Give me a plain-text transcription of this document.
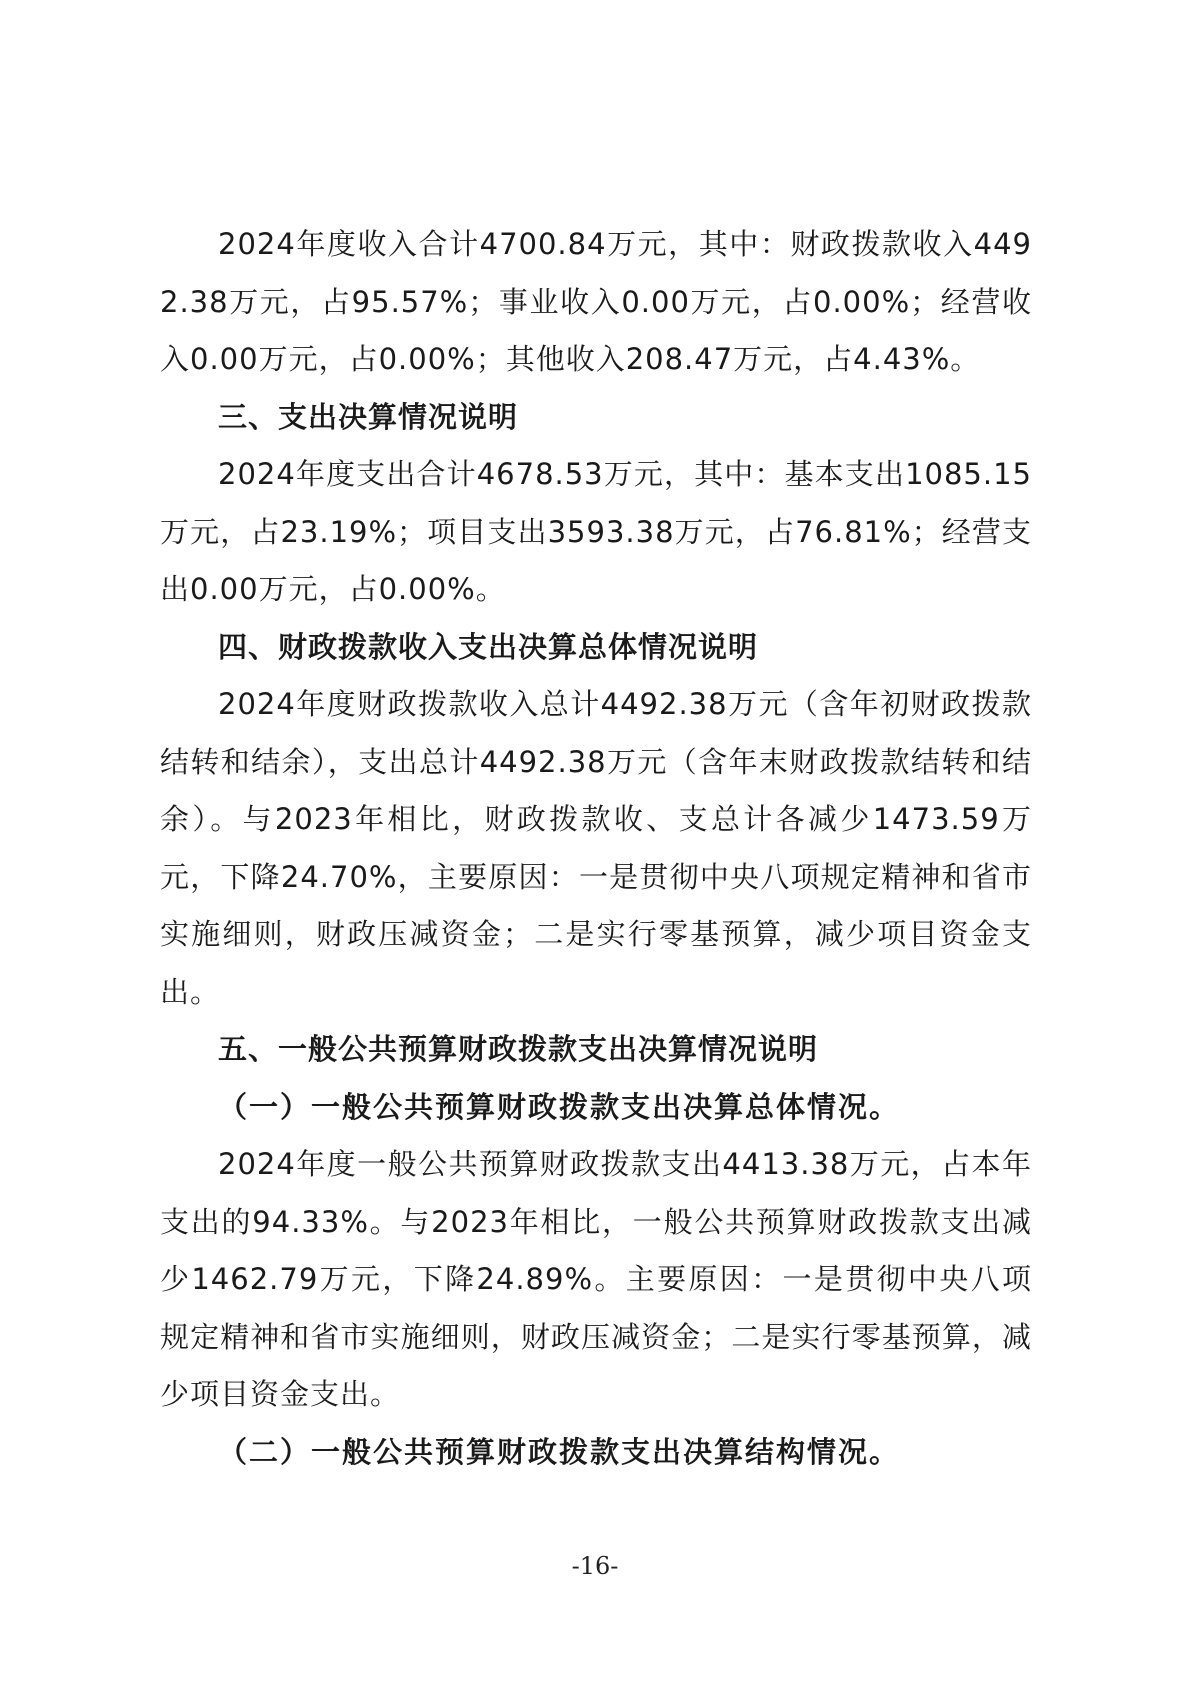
2024年度收入合计4700.84万元，其中：财政拨款收入4492.38万元，占95.57%；事业收入0.00万元，占0.00%；经营收入0.00万元，占0.00%；其他收入208.47万元，占4.43%。

三、支出决算情况说明

2024年度支出合计4678.53万元，其中：基本支出1085.15万元，占23.19%；项目支出3593.38万元，占76.81%；经营支出0.00万元，占0.00%。

四、财政拨款收入支出决算总体情况说明

2024年度财政拨款收入总计4492.38万元（含年初财政拨款结转和结余），支出总计4492.38万元（含年末财政拨款结转和结余）。与2023年相比，财政拨款收、支总计各减少1473.59万元，下降24.70%，主要原因：一是贯彻中央八项规定精神和省市实施细则，财政压减资金；二是实行零基预算，减少项目资金支出。

五、一般公共预算财政拨款支出决算情况说明

（一）一般公共预算财政拨款支出决算总体情况。

2024年度一般公共预算财政拨款支出4413.38万元，占本年支出的94.33%。与2023年相比，一般公共预算财政拨款支出减少1462.79万元，下降24.89%。主要原因：一是贯彻中央八项规定精神和省市实施细则，财政压减资金；二是实行零基预算，减少项目资金支出。

（二）一般公共预算财政拨款支出决算结构情况。

-16-
